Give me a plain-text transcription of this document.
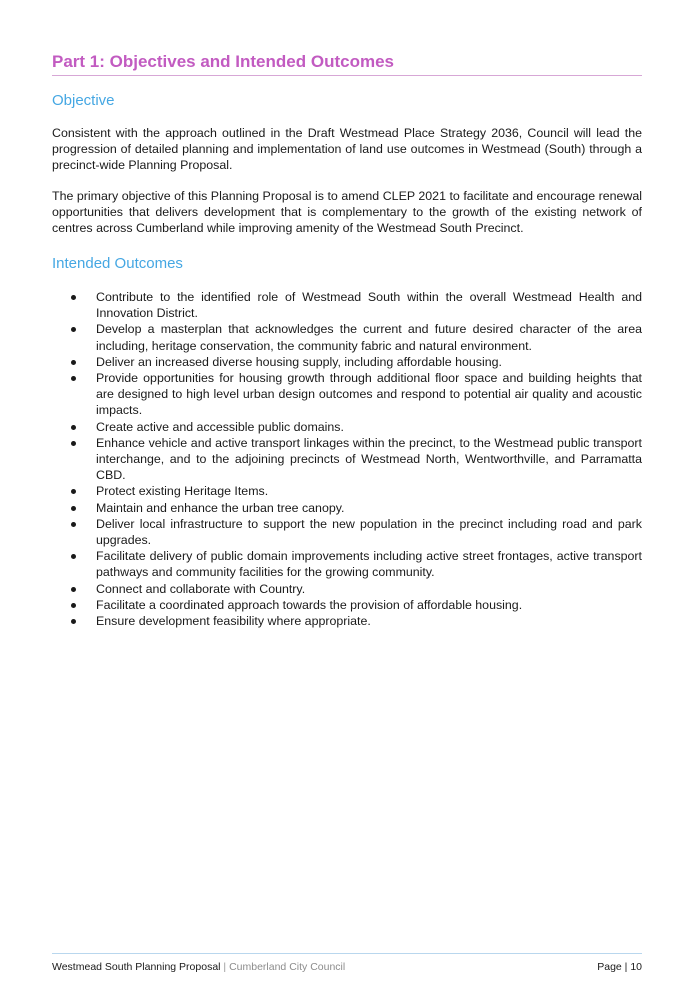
Part 1: Objectives and Intended Outcomes
Objective

Consistent with the approach outlined in the Draft Westmead Place Strategy 2036, Council will lead the progression of detailed planning and implementation of land use outcomes in Westmead (South) through a precinct-wide Planning Proposal.

The primary objective of this Planning Proposal is to amend CLEP 2021 to facilitate and encourage renewal opportunities that delivers development that is complementary to the growth of the existing network of centres across Cumberland while improving amenity of the Westmead South Precinct.

Intended Outcomes
Contribute to the identified role of Westmead South within the overall Westmead Health and Innovation District.
Develop a masterplan that acknowledges the current and future desired character of the area including, heritage conservation, the community fabric and natural environment.
Deliver an increased diverse housing supply, including affordable housing.
Provide opportunities for housing growth through additional floor space and building heights that are designed to high level urban design outcomes and respond to potential air quality and acoustic impacts.
Create active and accessible public domains.
Enhance vehicle and active transport linkages within the precinct, to the Westmead public transport interchange, and to the adjoining precincts of Westmead North, Wentworthville, and Parramatta CBD.
Protect existing Heritage Items.
Maintain and enhance the urban tree canopy.
Deliver local infrastructure to support the new population in the precinct including road and park upgrades.
Facilitate delivery of public domain improvements including active street frontages, active transport pathways and community facilities for the growing community.
Connect and collaborate with Country.
Facilitate a coordinated approach towards the provision of affordable housing.
Ensure development feasibility where appropriate.
Westmead South Planning Proposal | Cumberland City Council	Page | 10
